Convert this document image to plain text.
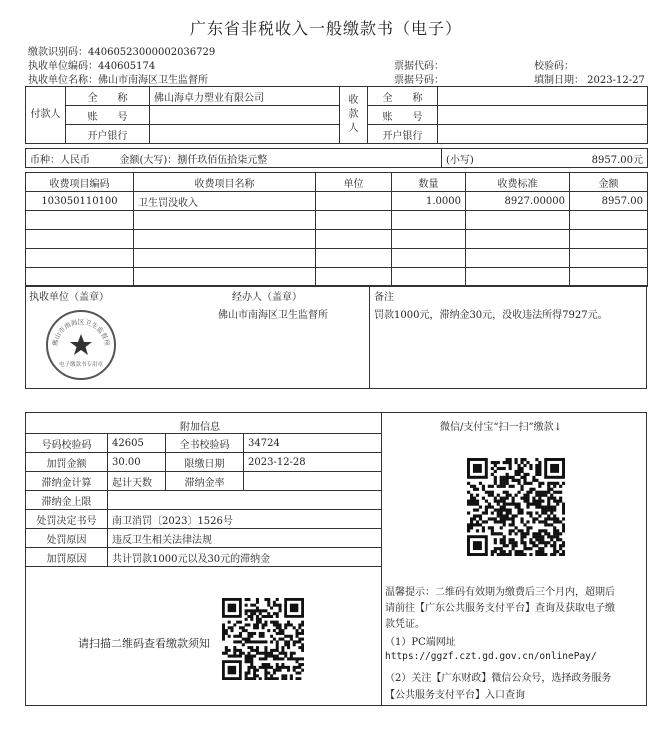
广东省非税收入一般缴款书（电子）
缴款识别码：4406052300000203672​9
执收单位编码：440605174
执收单位名称：佛山市南海区卫生监督所
票据代码：	校验码：
票据号码：	填制日期： 2023-12-27
付款人	全　　称	佛山海卓力塑业有限公司	收款人	全　　称	
	账　　号			账　　号	
	开户银行			开户银行	
币种：人民币	金额(大写)：捌仟玖佰伍拾柒元整	(小写)	8957.00元
收费项目编码	收费项目名称	单位	数量	收费标准	金额
103050110100	卫生罚没收入		1.0000	8927.00000	8957.00

执收单位（盖章）	经办人（盖章）
佛山市南海区卫生监督所
备注
罚款1000元，滞纳金30元，没收违法所得7927元。
佛山市南海区卫生监督所
电子缴款书专用章
附加信息	微信/支付宝“扫一扫”缴款↓
号码校验码	42605	全书校验码	34724
加罚金额	30.00	限缴日期	2023-12-28
滞纳金计算	起计天数	滞纳金率	
滞纳金上限			
处罚决定书号	南卫消罚〔2023〕1526号		
处罚原因	违反卫生相关法律法规		
加罚原因	共计罚款1000元以及30元的滞纳金		
请扫描二维码查看缴款须知
温馨提示：二维码有效期为缴费后三个月内，超期后
请前往【广东公共服务支付平台】查询及获取电子缴
款凭证。
（1）PC端网址
https://ggzf.czt.gd.gov.cn/onlinePay/
（2）关注【广东财政】微信公众号，选择政务服务
【公共服务支付平台】入口查询
